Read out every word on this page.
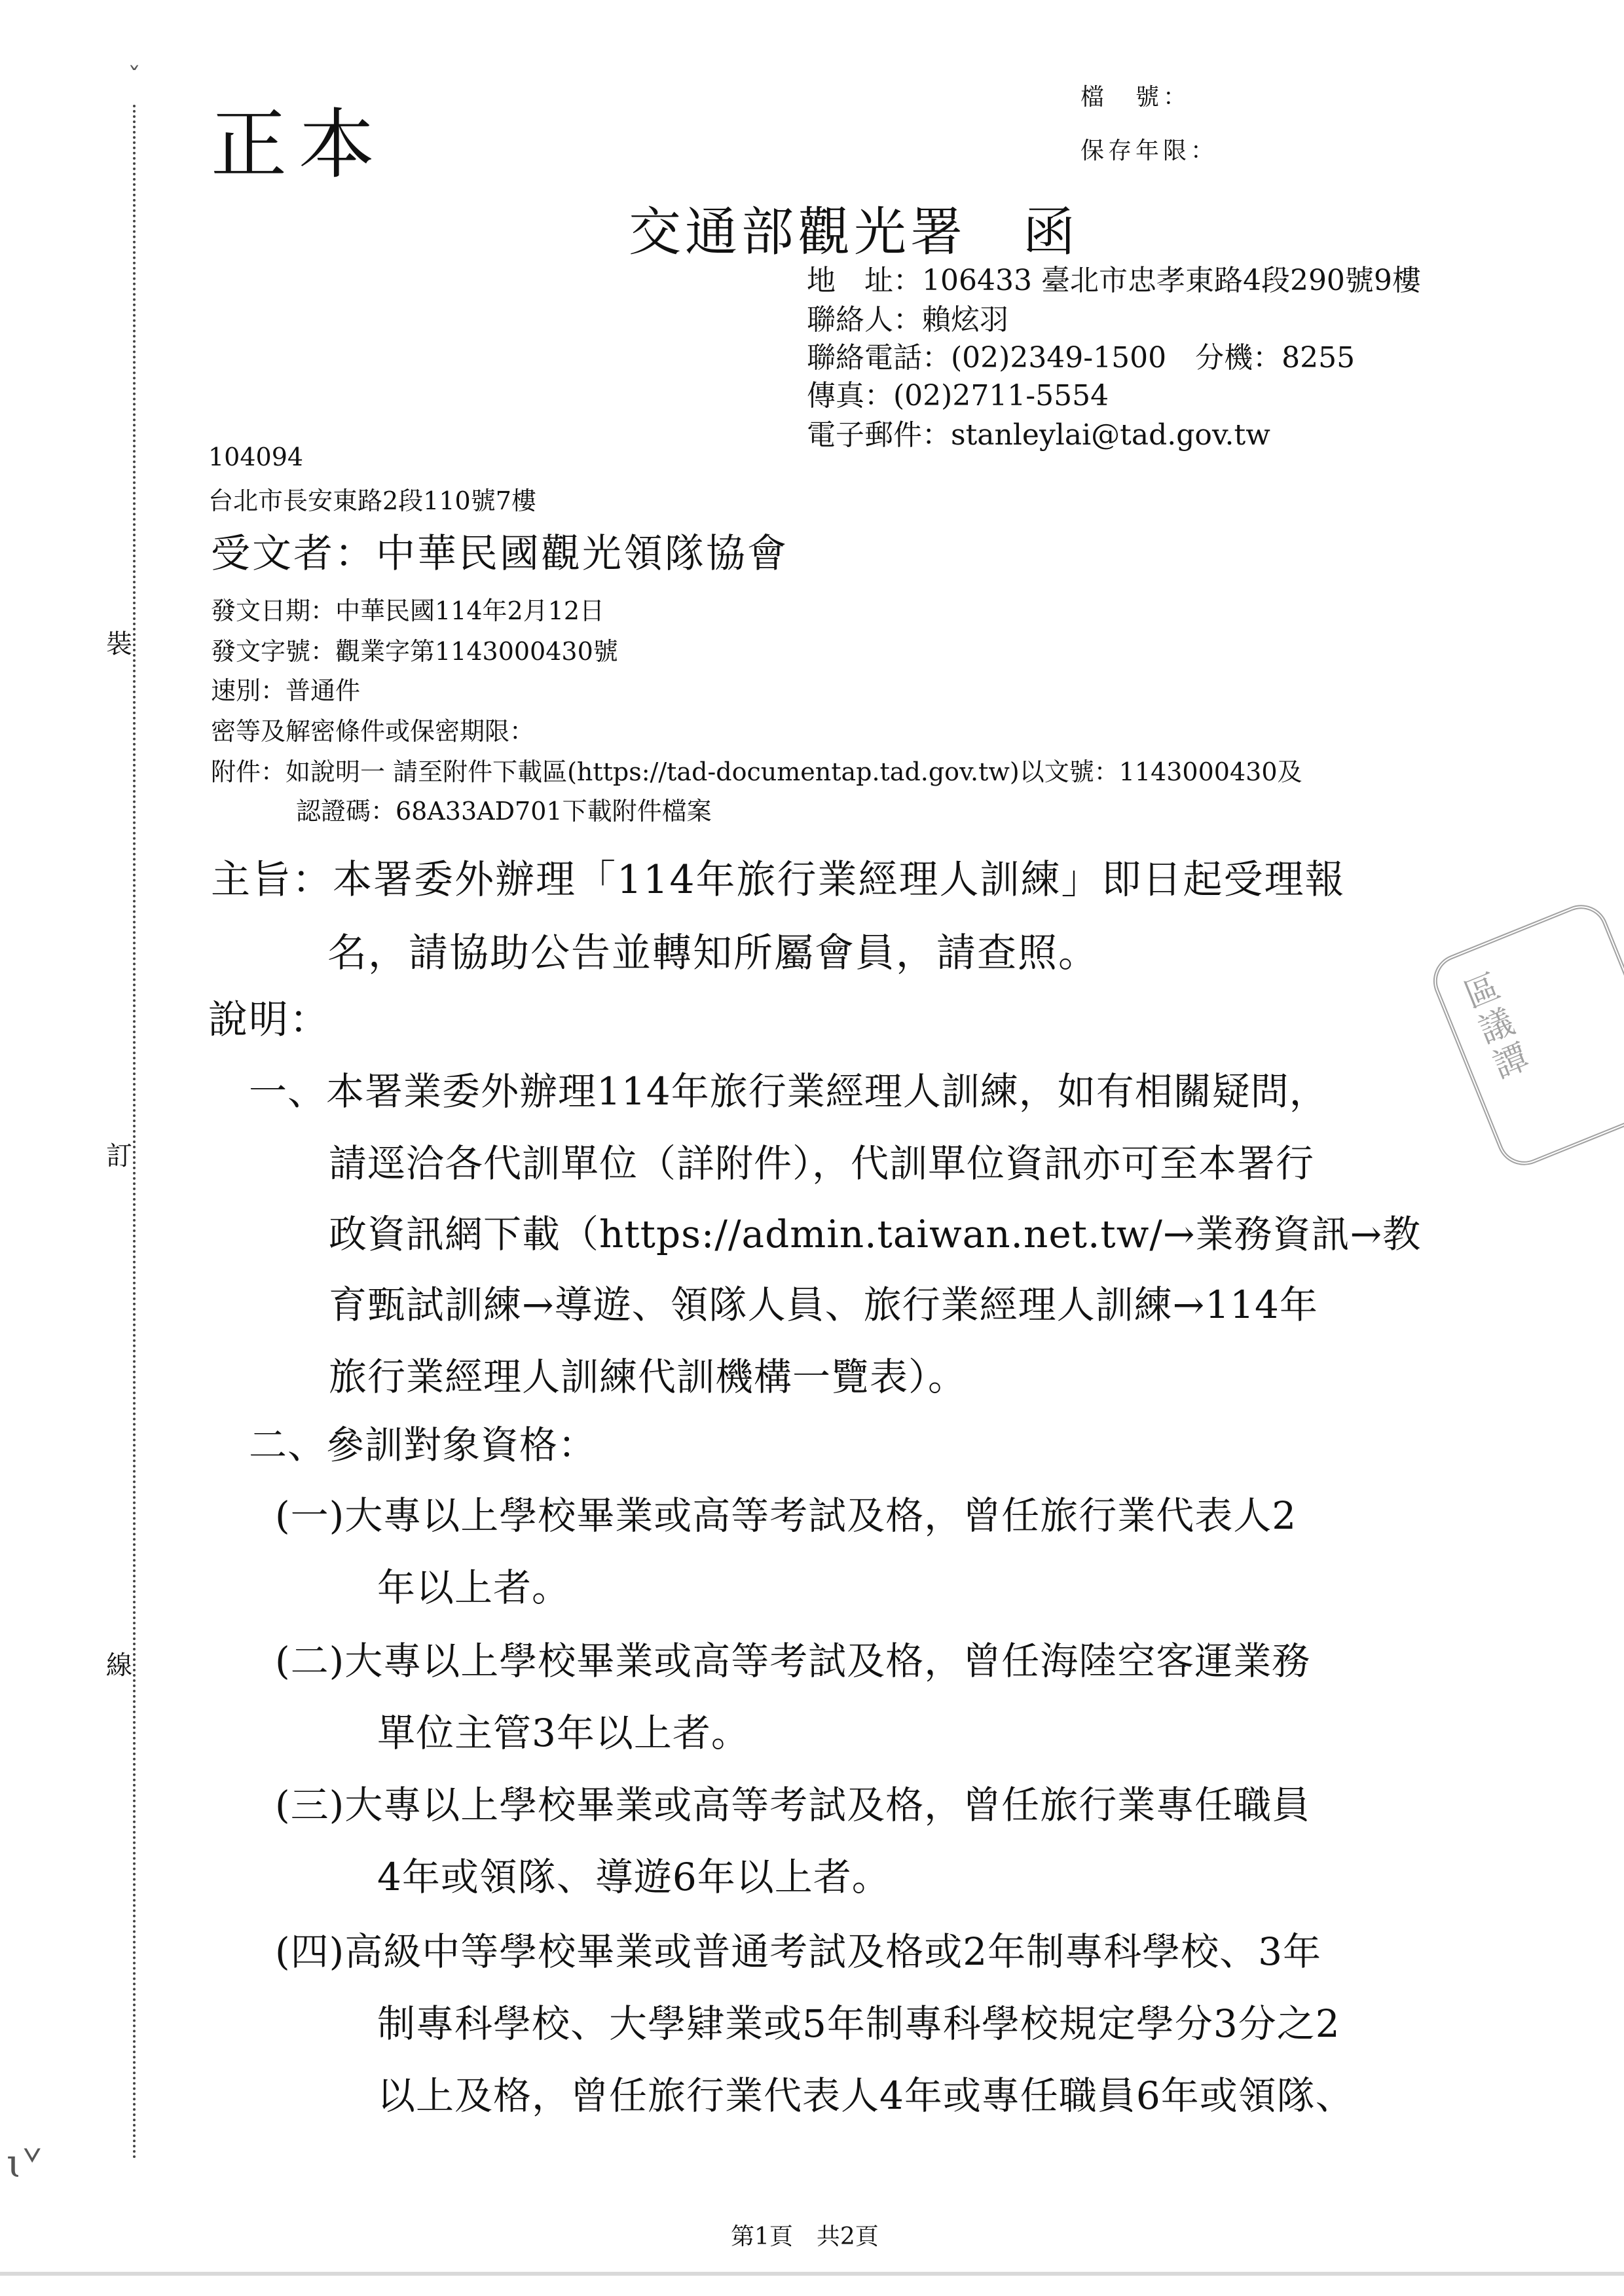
裝
訂
線
ˇ
ɩᘁ
正本
檔　號：
保存年限：
交通部觀光署　函
地　址：106433 臺北市忠孝東路4段290號9樓
聯絡人：賴炫羽
聯絡電話：(02)2349-1500　分機：8255
傳真：(02)2711-5554
電子郵件：stanleylai@tad.gov.tw
104094
台北市長安東路2段110號7樓
受文者：中華民國觀光領隊協會
發文日期：中華民國114年2月12日
發文字號：觀業字第1143000430號
速別：普通件
密等及解密條件或保密期限：
附件：如說明一 請至附件下載區(https://tad-documentap.tad.gov.tw)以文號：1143000430及
認證碼：68A33AD701下載附件檔案
主旨：本署委外辦理「114年旅行業經理人訓練」即日起受理報
名，請協助公告並轉知所屬會員，請查照。
說明：
一、本署業委外辦理114年旅行業經理人訓練，如有相關疑問，
請逕洽各代訓單位（詳附件），代訓單位資訊亦可至本署行
政資訊網下載（https://admin.taiwan.net.tw/→業務資訊→教
育甄試訓練→導遊、領隊人員、旅行業經理人訓練→114年
旅行業經理人訓練代訓機構一覽表）。
二、參訓對象資格：
(一)大專以上學校畢業或高等考試及格，曾任旅行業代表人2
年以上者。
(二)大專以上學校畢業或高等考試及格，曾任海陸空客運業務
單位主管3年以上者。
(三)大專以上學校畢業或高等考試及格，曾任旅行業專任職員
4年或領隊、導遊6年以上者。
(四)高級中等學校畢業或普通考試及格或2年制專科學校、3年
制專科學校、大學肄業或5年制專科學校規定學分3分之2
以上及格，曾任旅行業代表人4年或專任職員6年或領隊、
區議譚
第1頁　共2頁
